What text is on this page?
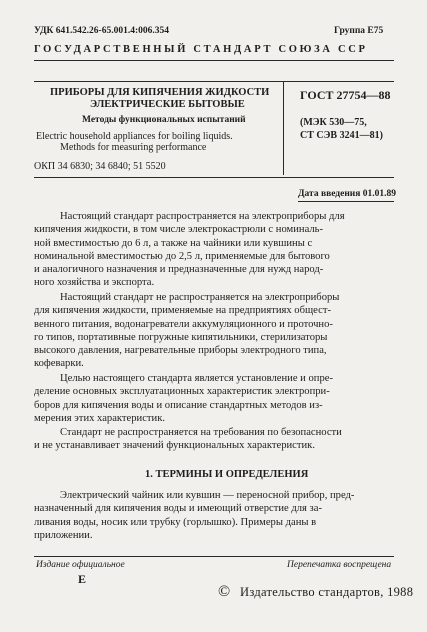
УДК 641.542.26-65.001.4:006.354	Группа Е75
ГОСУДАРСТВЕННЫЙ СТАНДАРТ СОЮЗА ССР
ПРИБОРЫ ДЛЯ КИПЯЧЕНИЯ ЖИДКОСТИ
ЭЛЕКТРИЧЕСКИЕ БЫТОВЫЕ
Методы функциональных испытаний
Electric household appliances for boiling liquids.
Methods for measuring performance
ОКП 34 6830; 34 6840; 51 5520
ГОСТ 27754—88
(МЭК 530—75,
СТ СЭВ 3241—81)
Дата введения 01.01.89
Настоящий стандарт распространяется на электроприборы для
кипячения жидкости, в том числе электрокастрюли с номиналь-
ной вместимостью до 6 л, а также на чайники или кувшины с
номинальной вместимостью до 2,5 л, применяемые для бытового
и аналогичного назначения и предназначенные для нужд народ-
ного хозяйства и экспорта.
Настоящий стандарт не распространяется на электроприборы
для кипячения жидкости, применяемые на предприятиях общест-
венного питания, водонагреватели аккумуляционного и проточно-
го типов, портативные погружные кипятильники, стерилизаторы
высокого давления, нагревательные приборы электродного типа,
кофеварки.
Целью настоящего стандарта является установление и опре-
деление основных эксплуатационных характеристик электропри-
боров для кипячения воды и описание стандартных методов из-
мерения этих характеристик.
Стандарт не распространяется на требования по безопасности
и не устанавливает значений функциональных характеристик.
1. ТЕРМИНЫ И ОПРЕДЕЛЕНИЯ
Электрический чайник или кувшин — переносной прибор, пред-
назначенный для кипячения воды и имеющий отверстие для за-
ливания воды, носик или трубку (горлышко). Примеры даны в
приложении.
Издание официальное	Перепечатка воспрещена
Е
© Издательство стандартов, 1988
